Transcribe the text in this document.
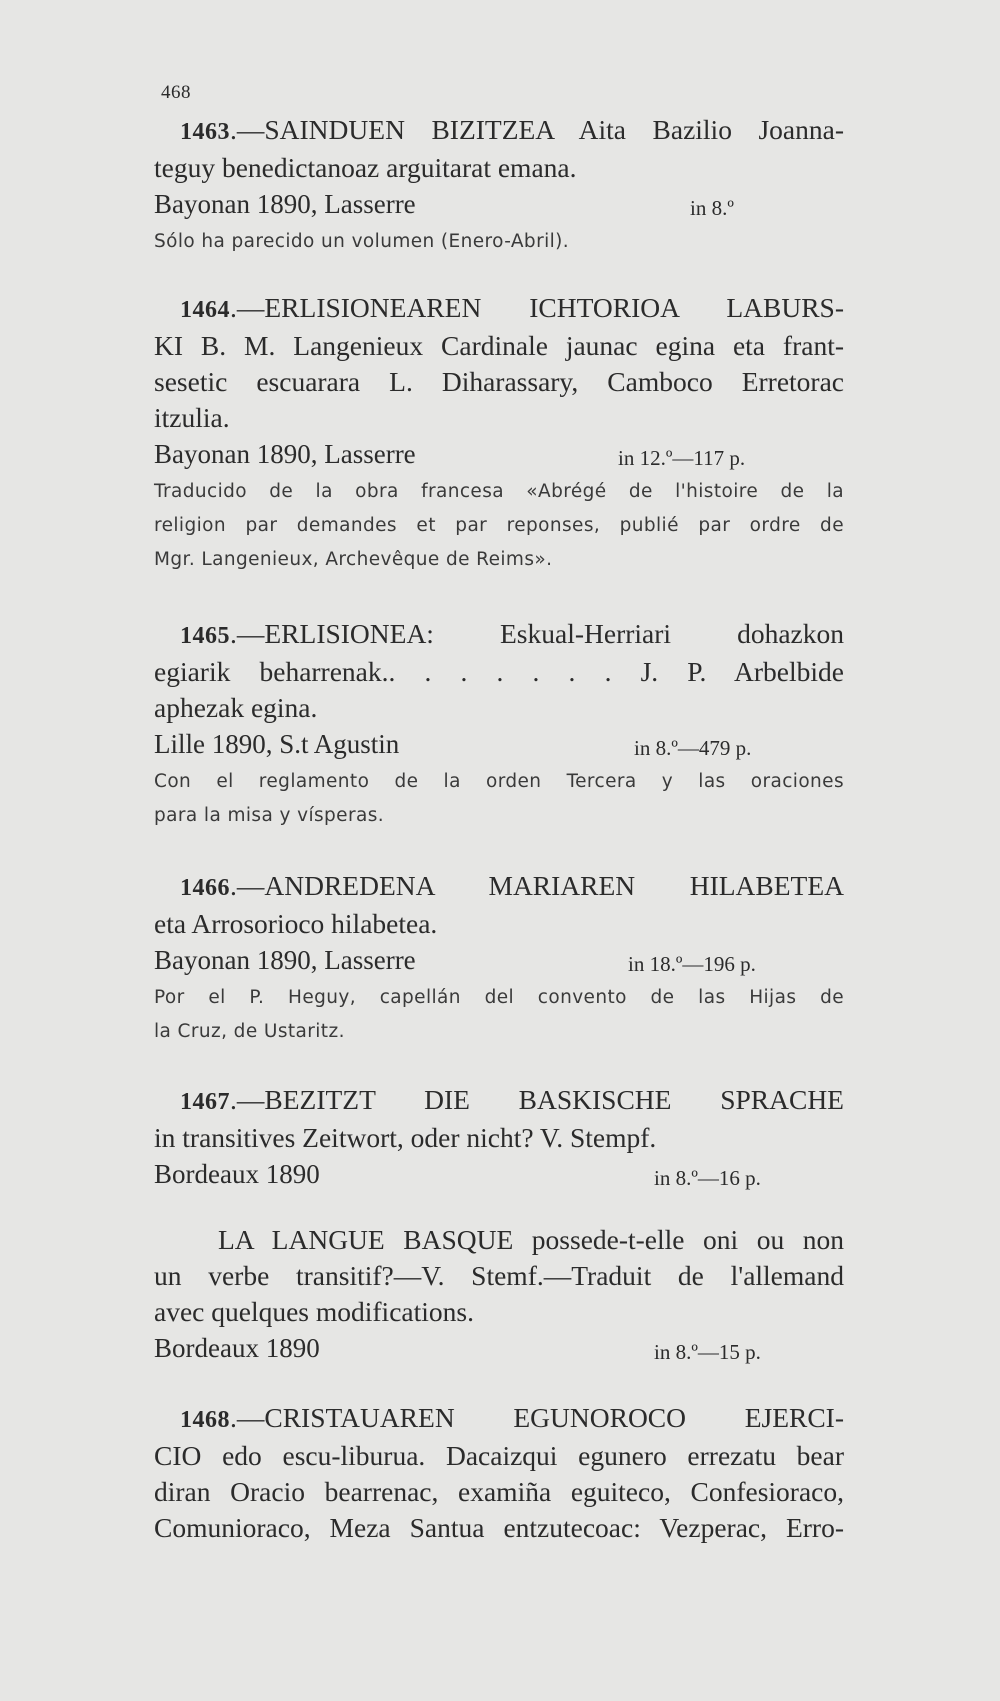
468
1463.—SAINDUEN BIZITZEA Aita Bazilio Joanna-
teguy benedictanoaz arguitarat emana.
Bayonan 1890, Lasserre	in 8.º
Sólo ha parecido un volumen (Enero-Abril).
1464.—ERLISIONEAREN ICHTORIOA LABURS-
KI B. M. Langenieux Cardinale jaunac egina eta frant-
sesetic escuarara L. Diharassary, Camboco Erretorac
itzulia.
Bayonan 1890, Lasserre	in 12.º—117 p.
Traducido de la obra francesa «Abrégé de l'histoire de la
religion par demandes et par reponses, publié par ordre de
Mgr. Langenieux, Archevêque de Reims».
1465.—ERLISIONEA: Eskual-Herriari dohazkon
egiarik beharrenak.. . . . . . . J. P. Arbelbide
aphezak egina.
Lille 1890, S.t Agustin	in 8.º—479 p.
Con el reglamento de la orden Tercera y las oraciones
para la misa y vísperas.
1466.—ANDREDENA MARIAREN HILABETEA
eta Arrosorioco hilabetea.
Bayonan 1890, Lasserre	in 18.º—196 p.
Por el P. Heguy, capellán del convento de las Hijas de
la Cruz, de Ustaritz.
1467.—BEZITZT DIE BASKISCHE SPRACHE
in transitives Zeitwort, oder nicht? V. Stempf.
Bordeaux 1890	in 8.º—16 p.
LA LANGUE BASQUE possede-t-elle oni ou non
un verbe transitif?—V. Stemf.—Traduit de l'allemand
avec quelques modifications.
Bordeaux 1890	in 8.º—15 p.
1468.—CRISTAUAREN EGUNOROCO EJERCI-
CIO edo escu-liburua. Dacaizqui egunero errezatu bear
diran Oracio bearrenac, examiña eguiteco, Confesioraco,
Comunioraco, Meza Santua entzutecoac: Vezperac, Erro-
